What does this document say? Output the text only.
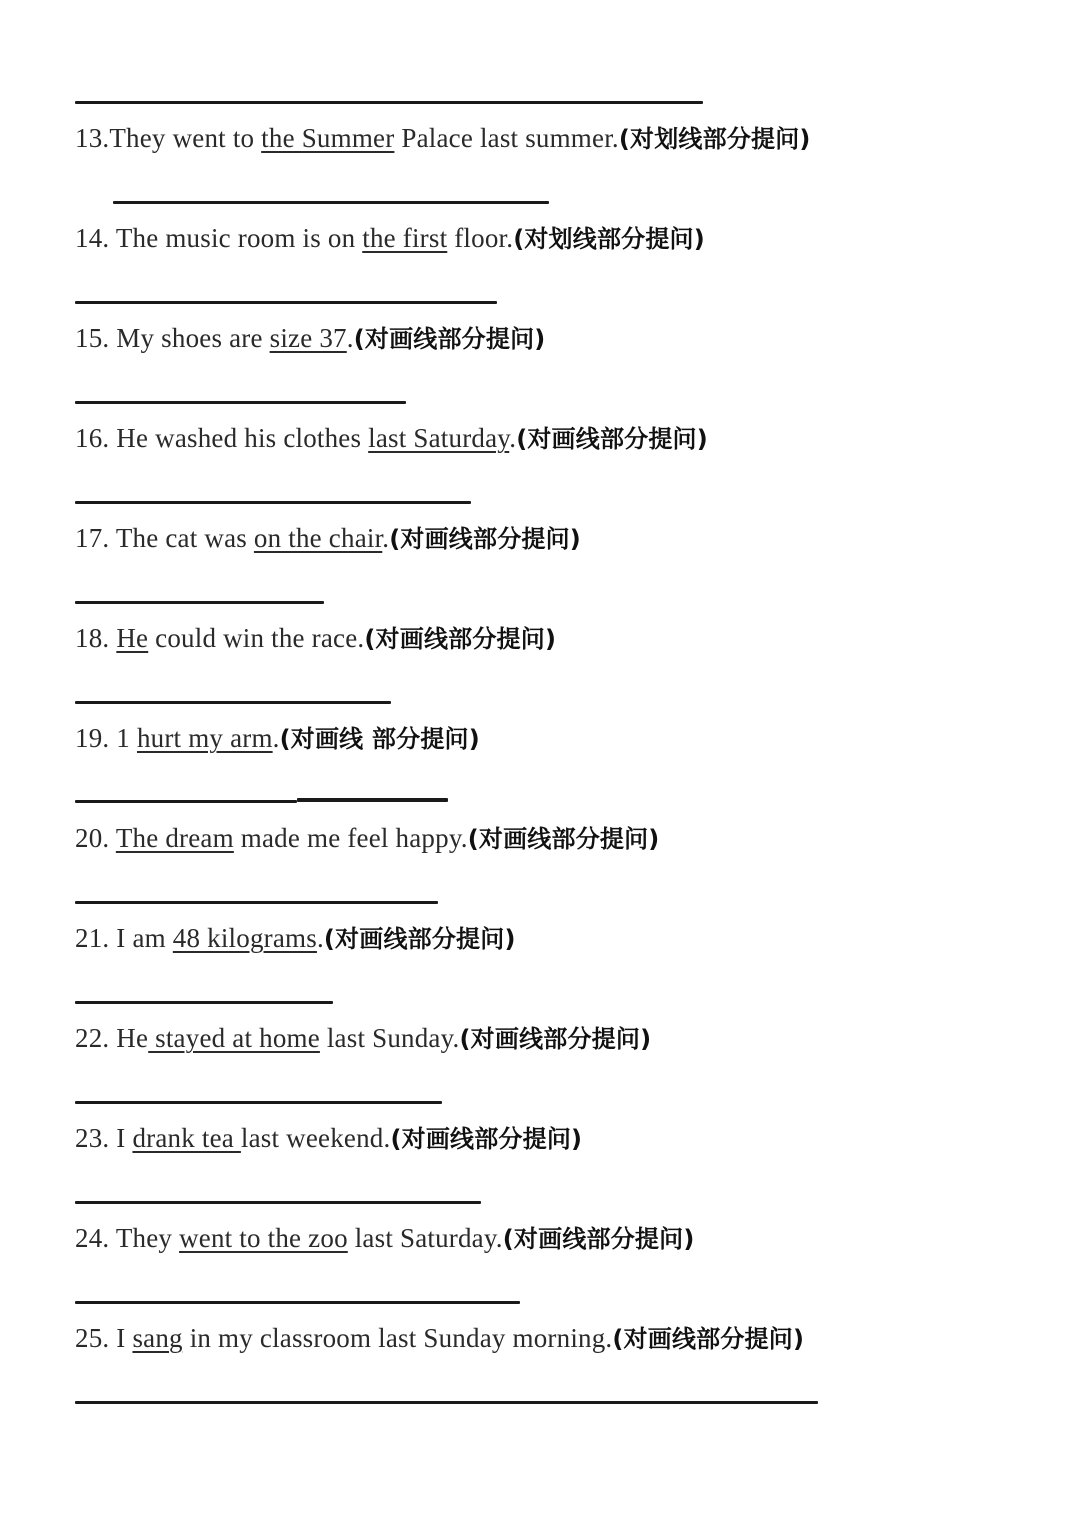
13.They went to the Summer Palace last summer.(对划线部分提问)
14. The music room is on the first floor.(对划线部分提问)
15. My shoes are size 37.(对画线部分提问)
16. He washed his clothes last Saturday.(对画线部分提问)
17. The cat was on the chair.(对画线部分提问)
18. He could win the race.(对画线部分提问)
19. 1 hurt my arm.(对画线 部分提问)
20. The dream made me feel happy.(对画线部分提问)
21. I am 48 kilograms.(对画线部分提问)
22. He stayed at home last Sunday.(对画线部分提问)
23. I drank tea last weekend.(对画线部分提问)
24. They went to the zoo last Saturday.(对画线部分提问)
25. I sang in my classroom last Sunday morning.(对画线部分提问)
